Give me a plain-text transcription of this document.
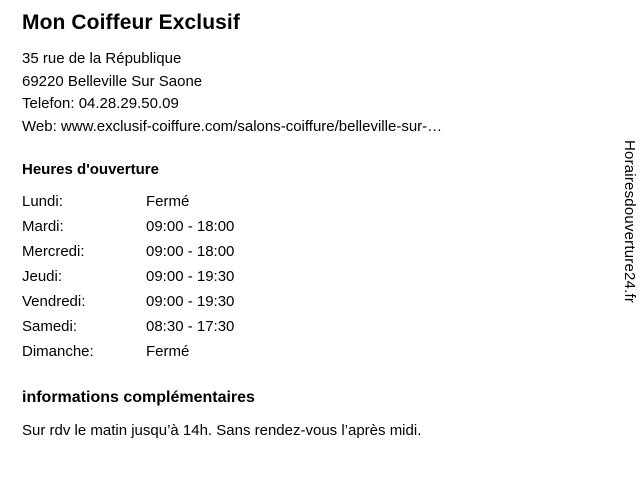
Mon Coiffeur Exclusif
35 rue de la République
69220 Belleville Sur Saone
Telefon: 04.28.29.50.09
Web: www.exclusif-coiffure.com/salons-coiffure/belleville-sur-…
Heures d'ouverture
Lundi:	Fermé
Mardi:	09:00 - 18:00
Mercredi:	09:00 - 18:00
Jeudi:	09:00 - 19:30
Vendredi:	09:00 - 19:30
Samedi:	08:30 - 17:30
Dimanche:	Fermé
informations complémentaires
Sur rdv le matin jusqu’à 14h. Sans rendez-vous l’après midi.
Horairesdouverture24.fr
